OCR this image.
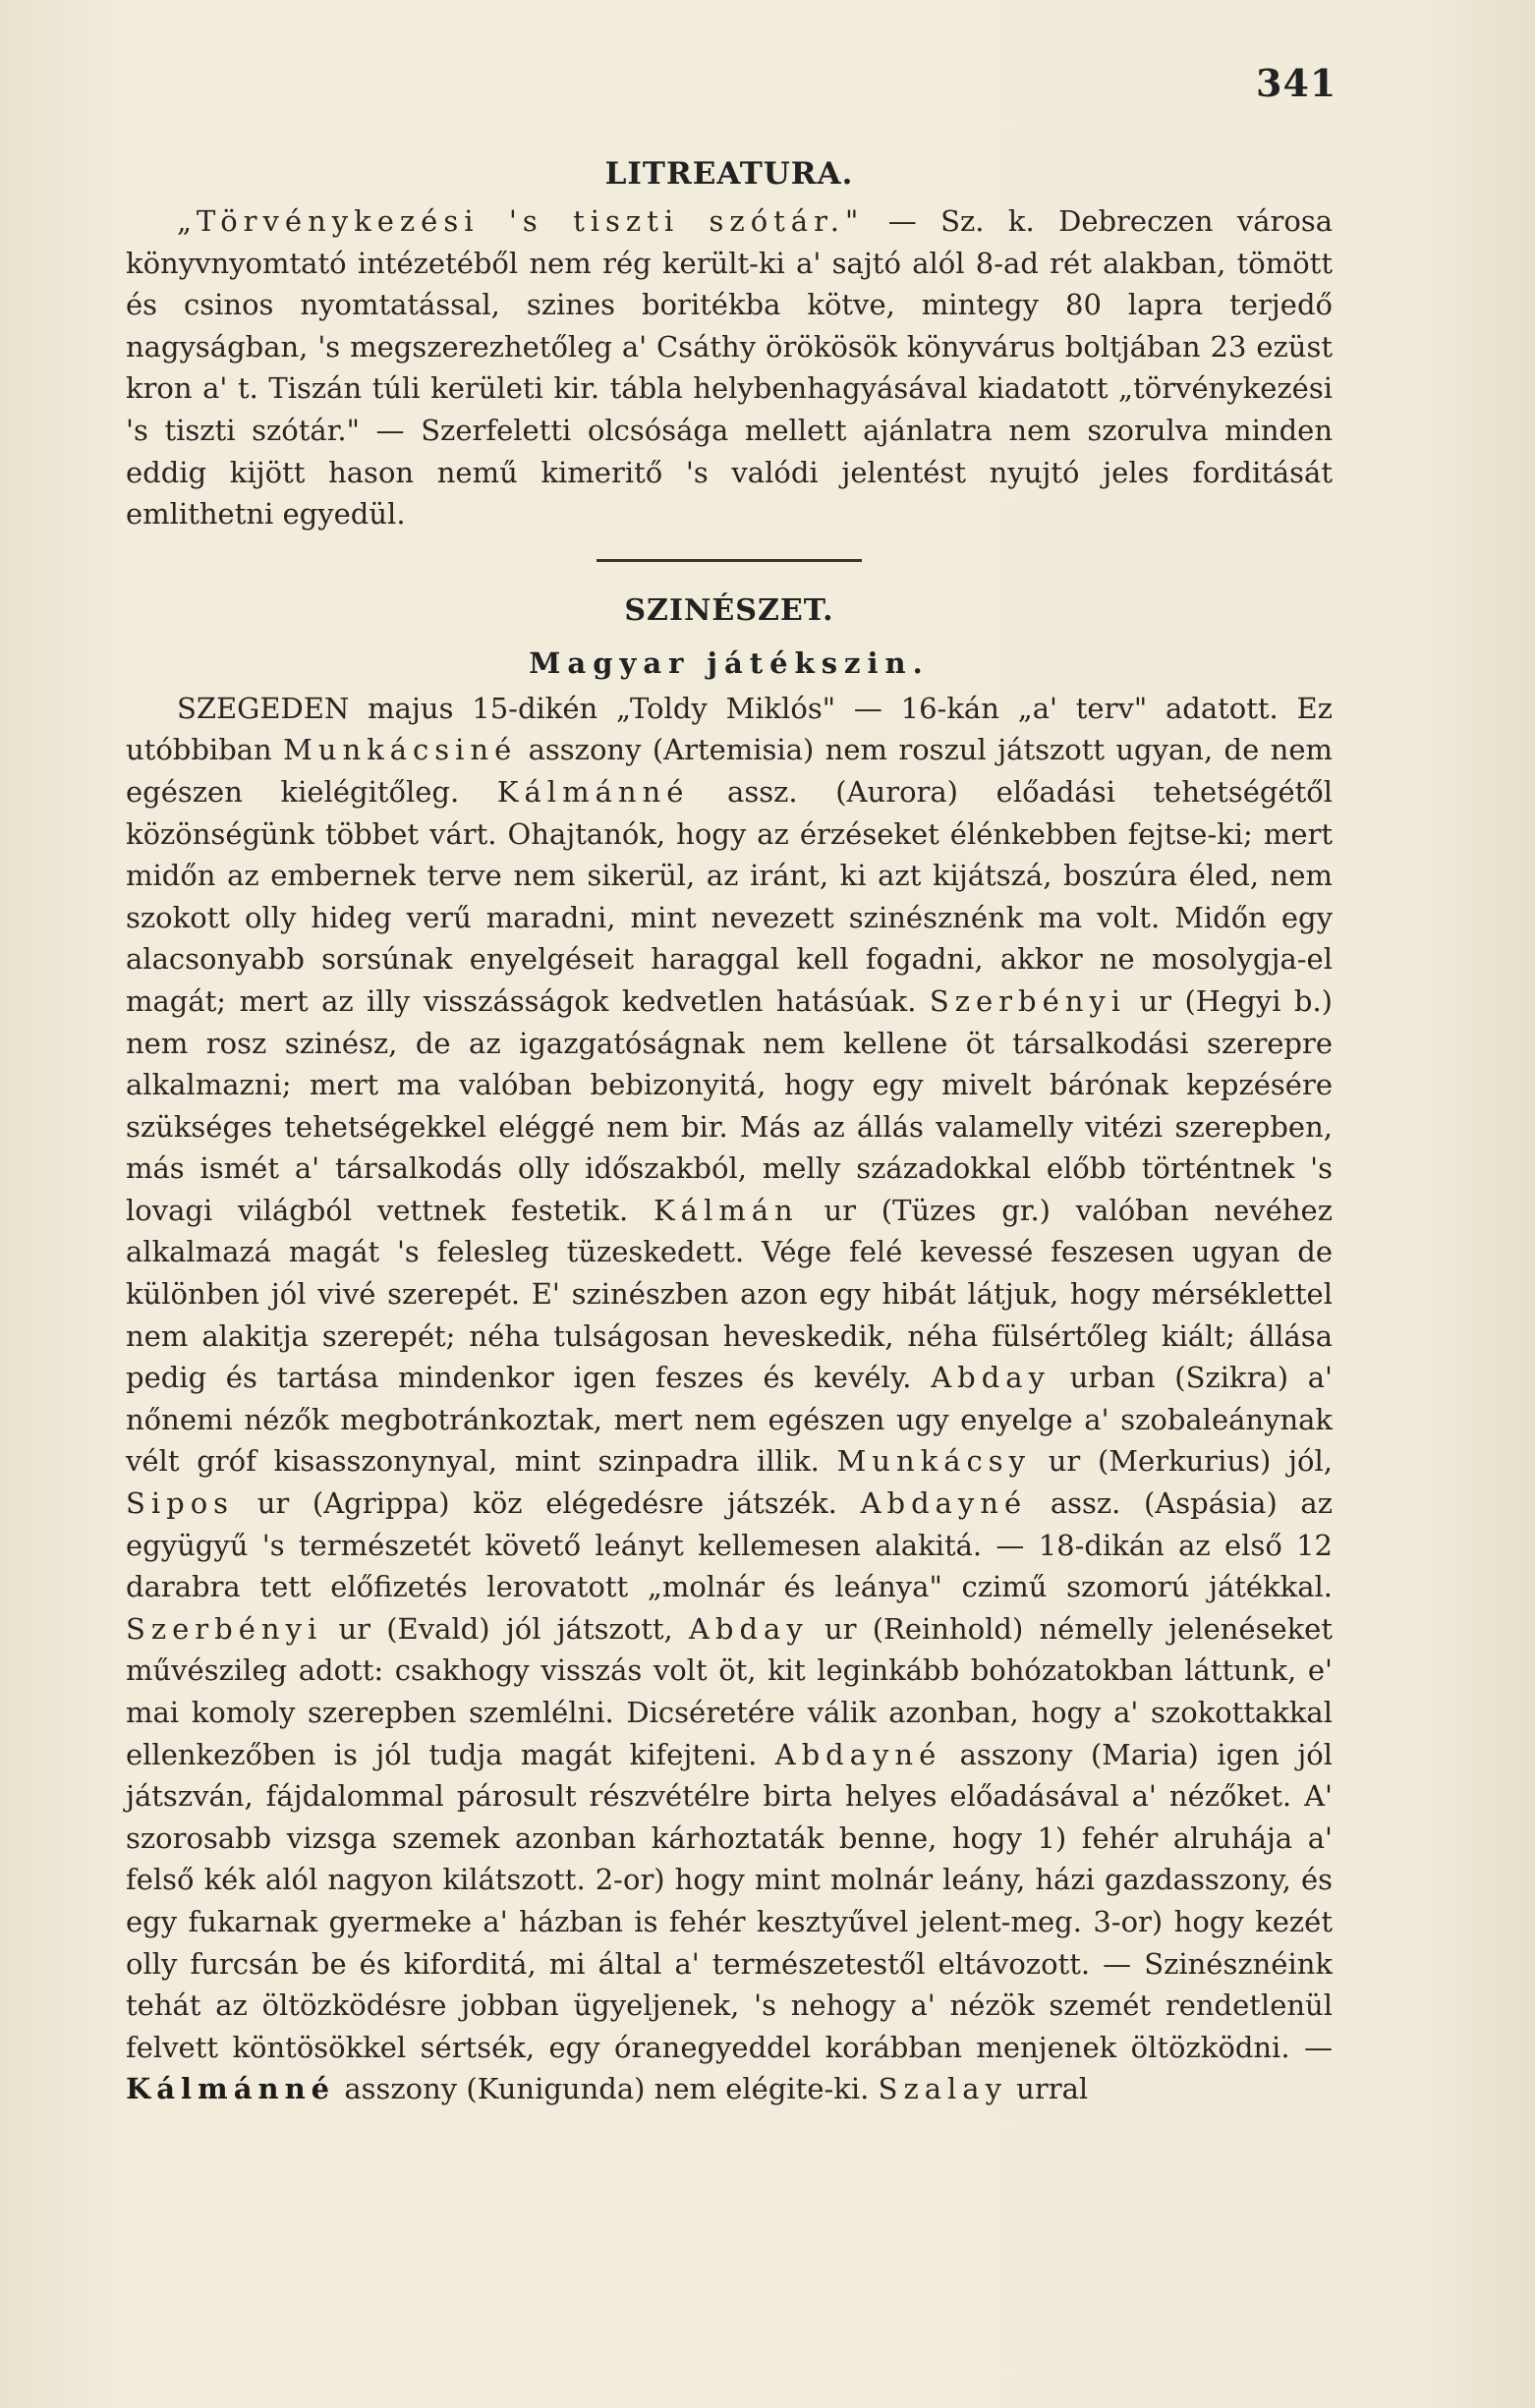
341
LITREATURA.

„Törvénykezési 's tiszti szótár." — Sz. k. Debreczen városa könyvnyomtató intézetéből nem rég került-ki a' sajtó alól 8-ad rét alakban, tömött és csinos nyomtatással, szines boritékba kötve, mintegy 80 lapra terjedő nagyságban, 's megszerezhetőleg a' Csáthy örökösök könyvárus boltjában 23 ezüst kron a' t. Tiszán túli kerületi kir. tábla helybenhagyásával kiadatott „törvénykezési 's tiszti szótár." — Szerfeletti olcsósága mellett ajánlatra nem szorulva minden eddig kijött hason nemű kimeritő 's valódi jelentést nyujtó jeles forditását emlithetni egyedül.

SZINÉSZET.
Magyar játékszin.

SZEGEDEN majus 15-dikén „Toldy Miklós" — 16-kán „a' terv" adatott. Ez utóbbiban Munkácsiné asszony (Artemisia) nem roszul játszott ugyan, de nem egészen kielégitőleg. Kálmánné assz. (Aurora) előadási tehetségétől közönségünk többet várt. Ohajtanók, hogy az érzéseket élénkebben fejtse-ki; mert midőn az embernek terve nem sikerül, az iránt, ki azt kijátszá, boszúra éled, nem szokott olly hideg verű maradni, mint nevezett szinésznénk ma volt. Midőn egy alacsonyabb sorsúnak enyelgéseit haraggal kell fogadni, akkor ne mosolygja-el magát; mert az illy visszásságok kedvetlen hatásúak. Szerbényi ur (Hegyi b.) nem rosz szinész, de az igazgatóságnak nem kellene öt társalkodási szerepre alkalmazni; mert ma valóban bebizonyitá, hogy egy mivelt bárónak kepzésére szükséges tehetségekkel eléggé nem bir. Más az állás valamelly vitézi szerepben, más ismét a' társalkodás olly időszakból, melly századokkal előbb történtnek 's lovagi világból vettnek festetik. Kálmán ur (Tüzes gr.) valóban nevéhez alkalmazá magát 's felesleg tüzeskedett. Vége felé kevessé feszesen ugyan de különben jól vivé szerepét. E' szinészben azon egy hibát látjuk, hogy mérséklettel nem alakitja szerepét; néha tulságosan heveskedik, néha fülsértőleg kiált; állása pedig és tartása mindenkor igen feszes és kevély. Abday urban (Szikra) a' nőnemi nézők megbotránkoztak, mert nem egészen ugy enyelge a' szobaleánynak vélt gróf kisasszonynyal, mint szinpadra illik. Munkácsy ur (Merkurius) jól, Sipos ur (Agrippa) köz elégedésre játszék. Abdayné assz. (Aspásia) az együgyű 's természetét követő leányt kellemesen alakitá. — 18-dikán az első 12 darabra tett előfizetés lerovatott „molnár és leánya" czimű szomorú játékkal. Szerbényi ur (Evald) jól játszott, Abday ur (Reinhold) némelly jelenéseket művészileg adott: csakhogy visszás volt öt, kit leginkább bohózatokban láttunk, e' mai komoly szerepben szemlélni. Dicséretére válik azonban, hogy a' szokottakkal ellenkezőben is jól tudja magát kifejteni. Abdayné asszony (Maria) igen jól játszván, fájdalommal párosult részvétélre birta helyes előadásával a' nézőket. A' szorosabb vizsga szemek azonban kárhoztaták benne, hogy 1) fehér alruhája a' felső kék alól nagyon kilátszott. 2-or) hogy mint molnár leány, házi gazdasszony, és egy fukarnak gyermeke a' házban is fehér kesztyűvel jelent-meg. 3-or) hogy kezét olly furcsán be és kiforditá, mi által a' természetestől eltávozott. — Szinésznéink tehát az öltözködésre jobban ügyeljenek, 's nehogy a' nézök szemét rendetlenül felvett köntösökkel sértsék, egy óranegyeddel korábban menjenek öltözködni. — Kálmánné asszony (Kunigunda) nem elégite-ki. Szalay urral
